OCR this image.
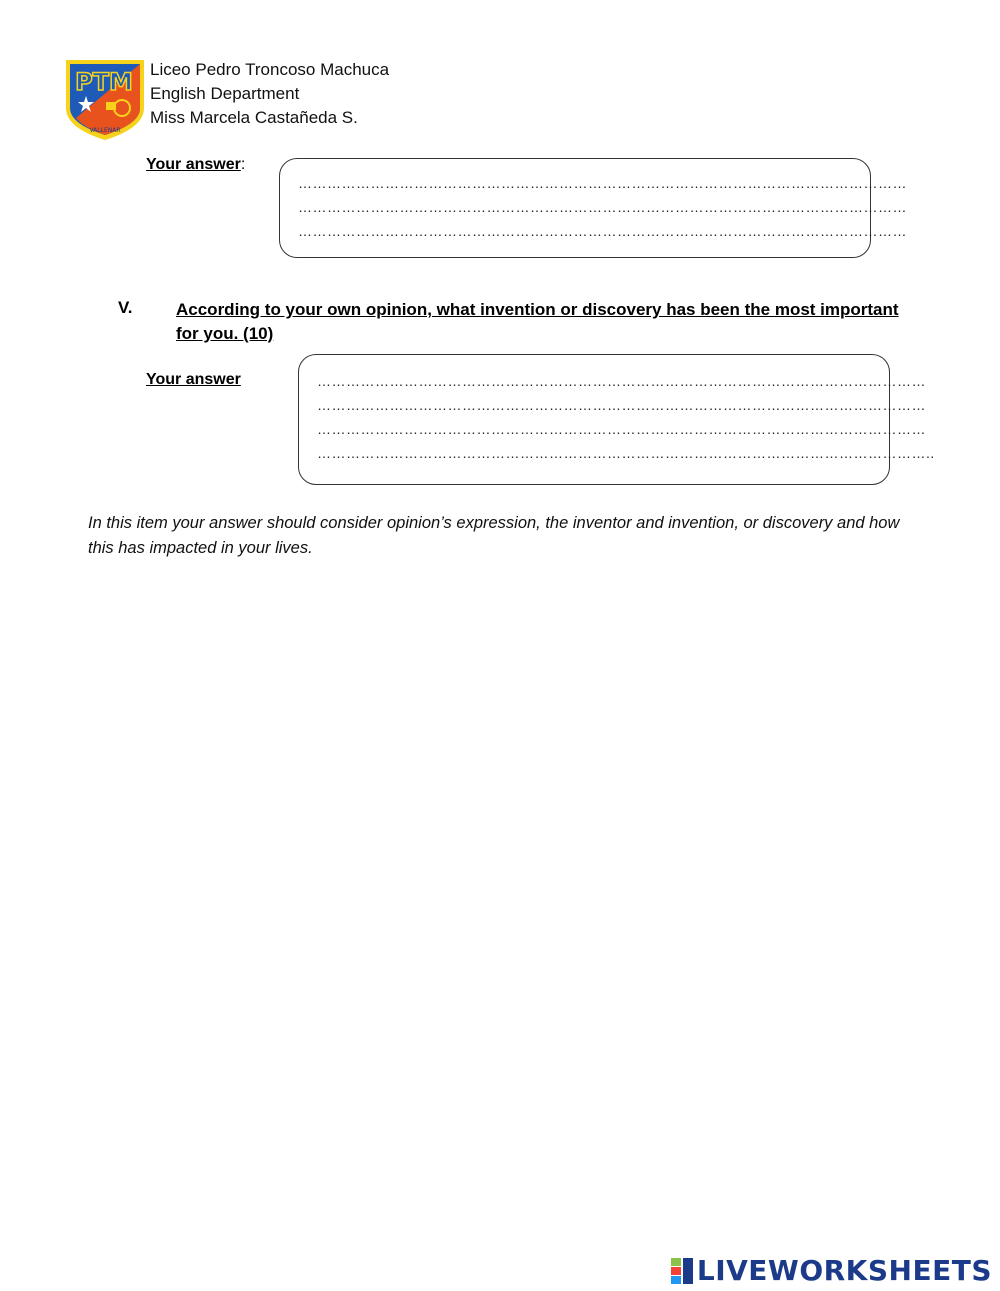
PTM
VALLENAR
Liceo Pedro Troncoso Machuca
English Department
Miss Marcela Castañeda S.
Your answer:
………………………………………………………………………………………………………………
………………………………………………………………………………………………………………
………………………………………………………………………………………………………………
V.	According to your own opinion, what invention or discovery has been the most important for you. (10)
Your answer	………………………………………………………………………………………………………………
………………………………………………………………………………………………………………
………………………………………………………………………………………………………………
………………………………………………………………………………………………………………..
In this item your answer should consider opinion’s expression, the inventor and invention, or discovery and how this has impacted in your lives.
LIVEWORKSHEETS
